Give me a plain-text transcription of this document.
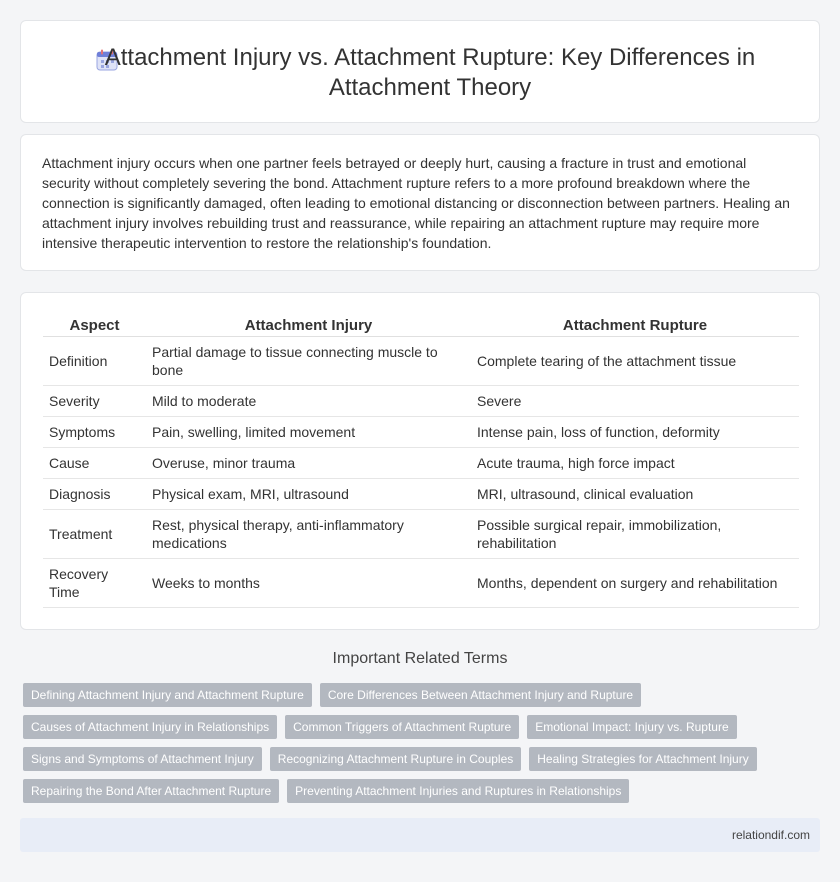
Attachment Injury vs. Attachment Rupture: Key Differences in Attachment Theory

Attachment injury occurs when one partner feels betrayed or deeply hurt, causing a fracture in trust and emotional security without completely severing the bond. Attachment rupture refers to a more profound breakdown where the connection is significantly damaged, often leading to emotional distancing or disconnection between partners. Healing an attachment injury involves rebuilding trust and reassurance, while repairing an attachment rupture may require more intensive therapeutic intervention to restore the relationship's foundation.

Aspect	Attachment Injury	Attachment Rupture
Definition	Partial damage to tissue connecting muscle to bone	Complete tearing of the attachment tissue
Severity	Mild to moderate	Severe
Symptoms	Pain, swelling, limited movement	Intense pain, loss of function, deformity
Cause	Overuse, minor trauma	Acute trauma, high force impact
Diagnosis	Physical exam, MRI, ultrasound	MRI, ultrasound, clinical evaluation
Treatment	Rest, physical therapy, anti-inflammatory medications	Possible surgical repair, immobilization, rehabilitation
Recovery Time	Weeks to months	Months, dependent on surgery and rehabilitation
Important Related Terms
Defining Attachment Injury and Attachment Rupture	Core Differences Between Attachment Injury and Rupture
Causes of Attachment Injury in Relationships	Common Triggers of Attachment Rupture	Emotional Impact: Injury vs. Rupture
Signs and Symptoms of Attachment Injury	Recognizing Attachment Rupture in Couples	Healing Strategies for Attachment Injury
Repairing the Bond After Attachment Rupture	Preventing Attachment Injuries and Ruptures in Relationships
relationdif.com
